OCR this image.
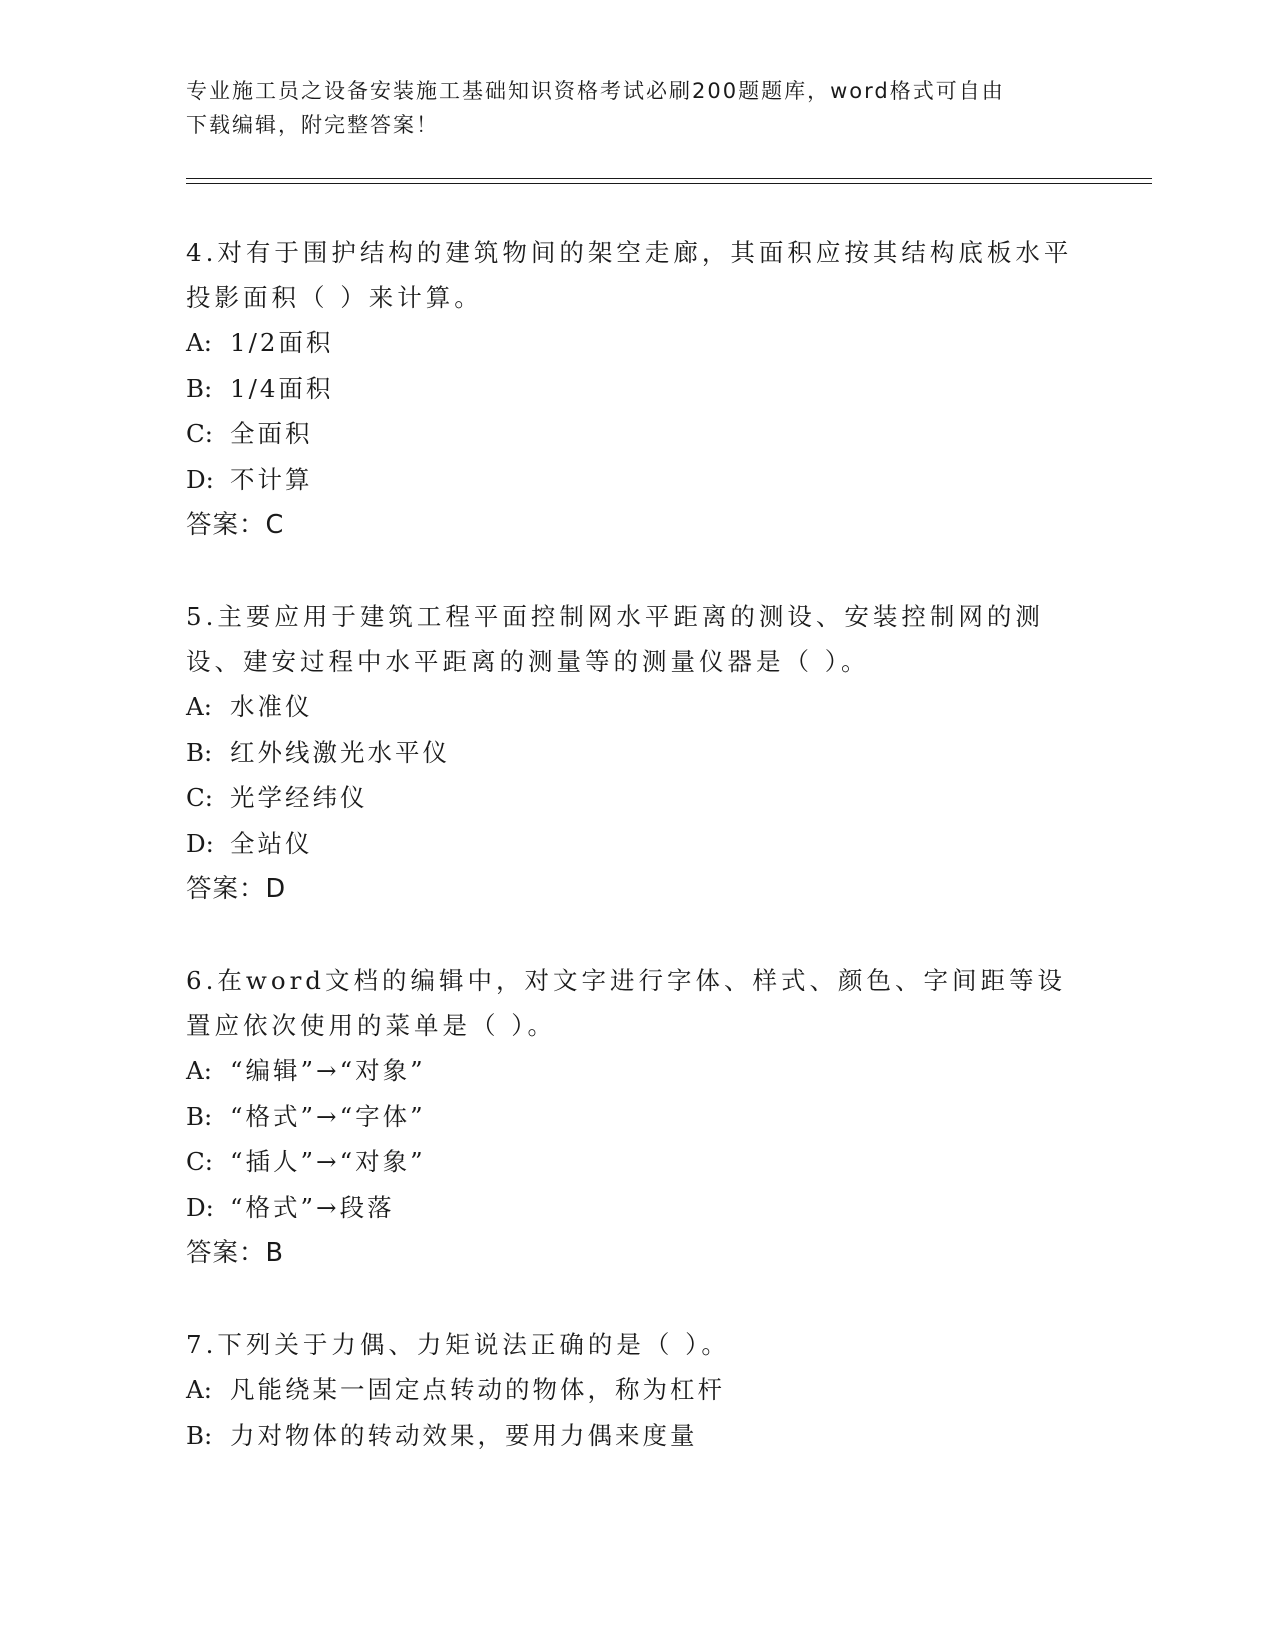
专业施工员之设备安装施工基础知识资格考试必刷200题题库，word格式可自由
下载编辑，附完整答案！

4.对有于围护结构的建筑物间的架空走廊，其面积应按其结构底板水平投影面积（ ）来计算。

A: 1/2面积

B: 1/4面积

C: 全面积

D: 不计算

答案：C

5.主要应用于建筑工程平面控制网水平距离的测设、安装控制网的测设、建安过程中水平距离的测量等的测量仪器是（ ）。

A: 水准仪

B: 红外线激光水平仪

C: 光学经纬仪

D: 全站仪

答案：D

6.在word文档的编辑中，对文字进行字体、样式、颜色、字间距等设置应依次使用的菜单是（ ）。

A: “编辑”→“对象”

B: “格式”→“字体”

C: “插人”→“对象”

D: “格式”→段落

答案：B

7.下列关于力偶、力矩说法正确的是（ ）。

A: 凡能绕某一固定点转动的物体，称为杠杆

B: 力对物体的转动效果，要用力偶来度量
